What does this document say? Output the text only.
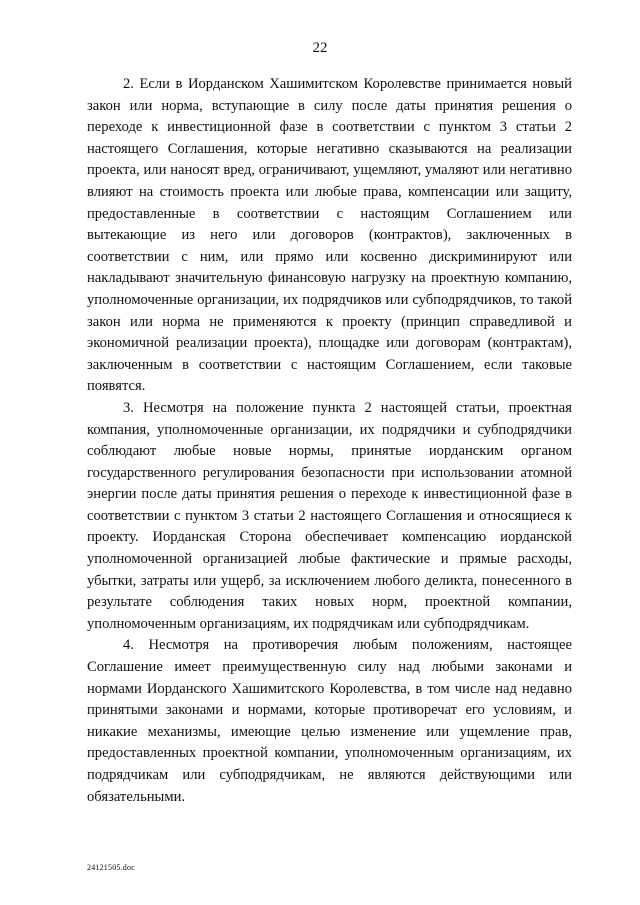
22

2. Если в Иорданском Хашимитском Королевстве принимается новый закон или норма, вступающие в силу после даты принятия решения о переходе к инвестиционной фазе в соответствии с пунктом 3 статьи 2 настоящего Соглашения, которые негативно сказываются на реализации проекта, или наносят вред, ограничивают, ущемляют, умаляют или негативно влияют на стоимость проекта или любые права, компенсации или защиту, предоставленные в соответствии с настоящим Соглашением или вытекающие из него или договоров (контрактов), заключенных в соответствии с ним, или прямо или косвенно дискриминируют или накладывают значительную финансовую нагрузку на проектную компанию, уполномоченные организации, их подрядчиков или субподрядчиков, то такой закон или норма не применяются к проекту (принцип справедливой и экономичной реализации проекта), площадке или договорам (контрактам), заключенным в соответствии с настоящим Соглашением, если таковые появятся.

3. Несмотря на положение пункта 2 настоящей статьи, проектная компания, уполномоченные организации, их подрядчики и субподрядчики соблюдают любые новые нормы, принятые иорданским органом государственного регулирования безопасности при использовании атомной энергии после даты принятия решения о переходе к инвестиционной фазе в соответствии с пунктом 3 статьи 2 настоящего Соглашения и относящиеся к проекту. Иорданская Сторона обеспечивает компенсацию иорданской уполномоченной организацией любые фактические и прямые расходы, убытки, затраты или ущерб, за исключением любого деликта, понесенного в результате соблюдения таких новых норм, проектной компании, уполномоченным организациям, их подрядчикам или субподрядчикам.

4. Несмотря на противоречия любым положениям, настоящее Соглашение имеет преимущественную силу над любыми законами и нормами Иорданского Хашимитского Королевства, в том числе над недавно принятыми законами и нормами, которые противоречат его условиям, и никакие механизмы, имеющие целью изменение или ущемление прав, предоставленных проектной компании, уполномоченным организациям, их подрядчикам или субподрядчикам, не являются действующими или обязательными.

24121505.doc
